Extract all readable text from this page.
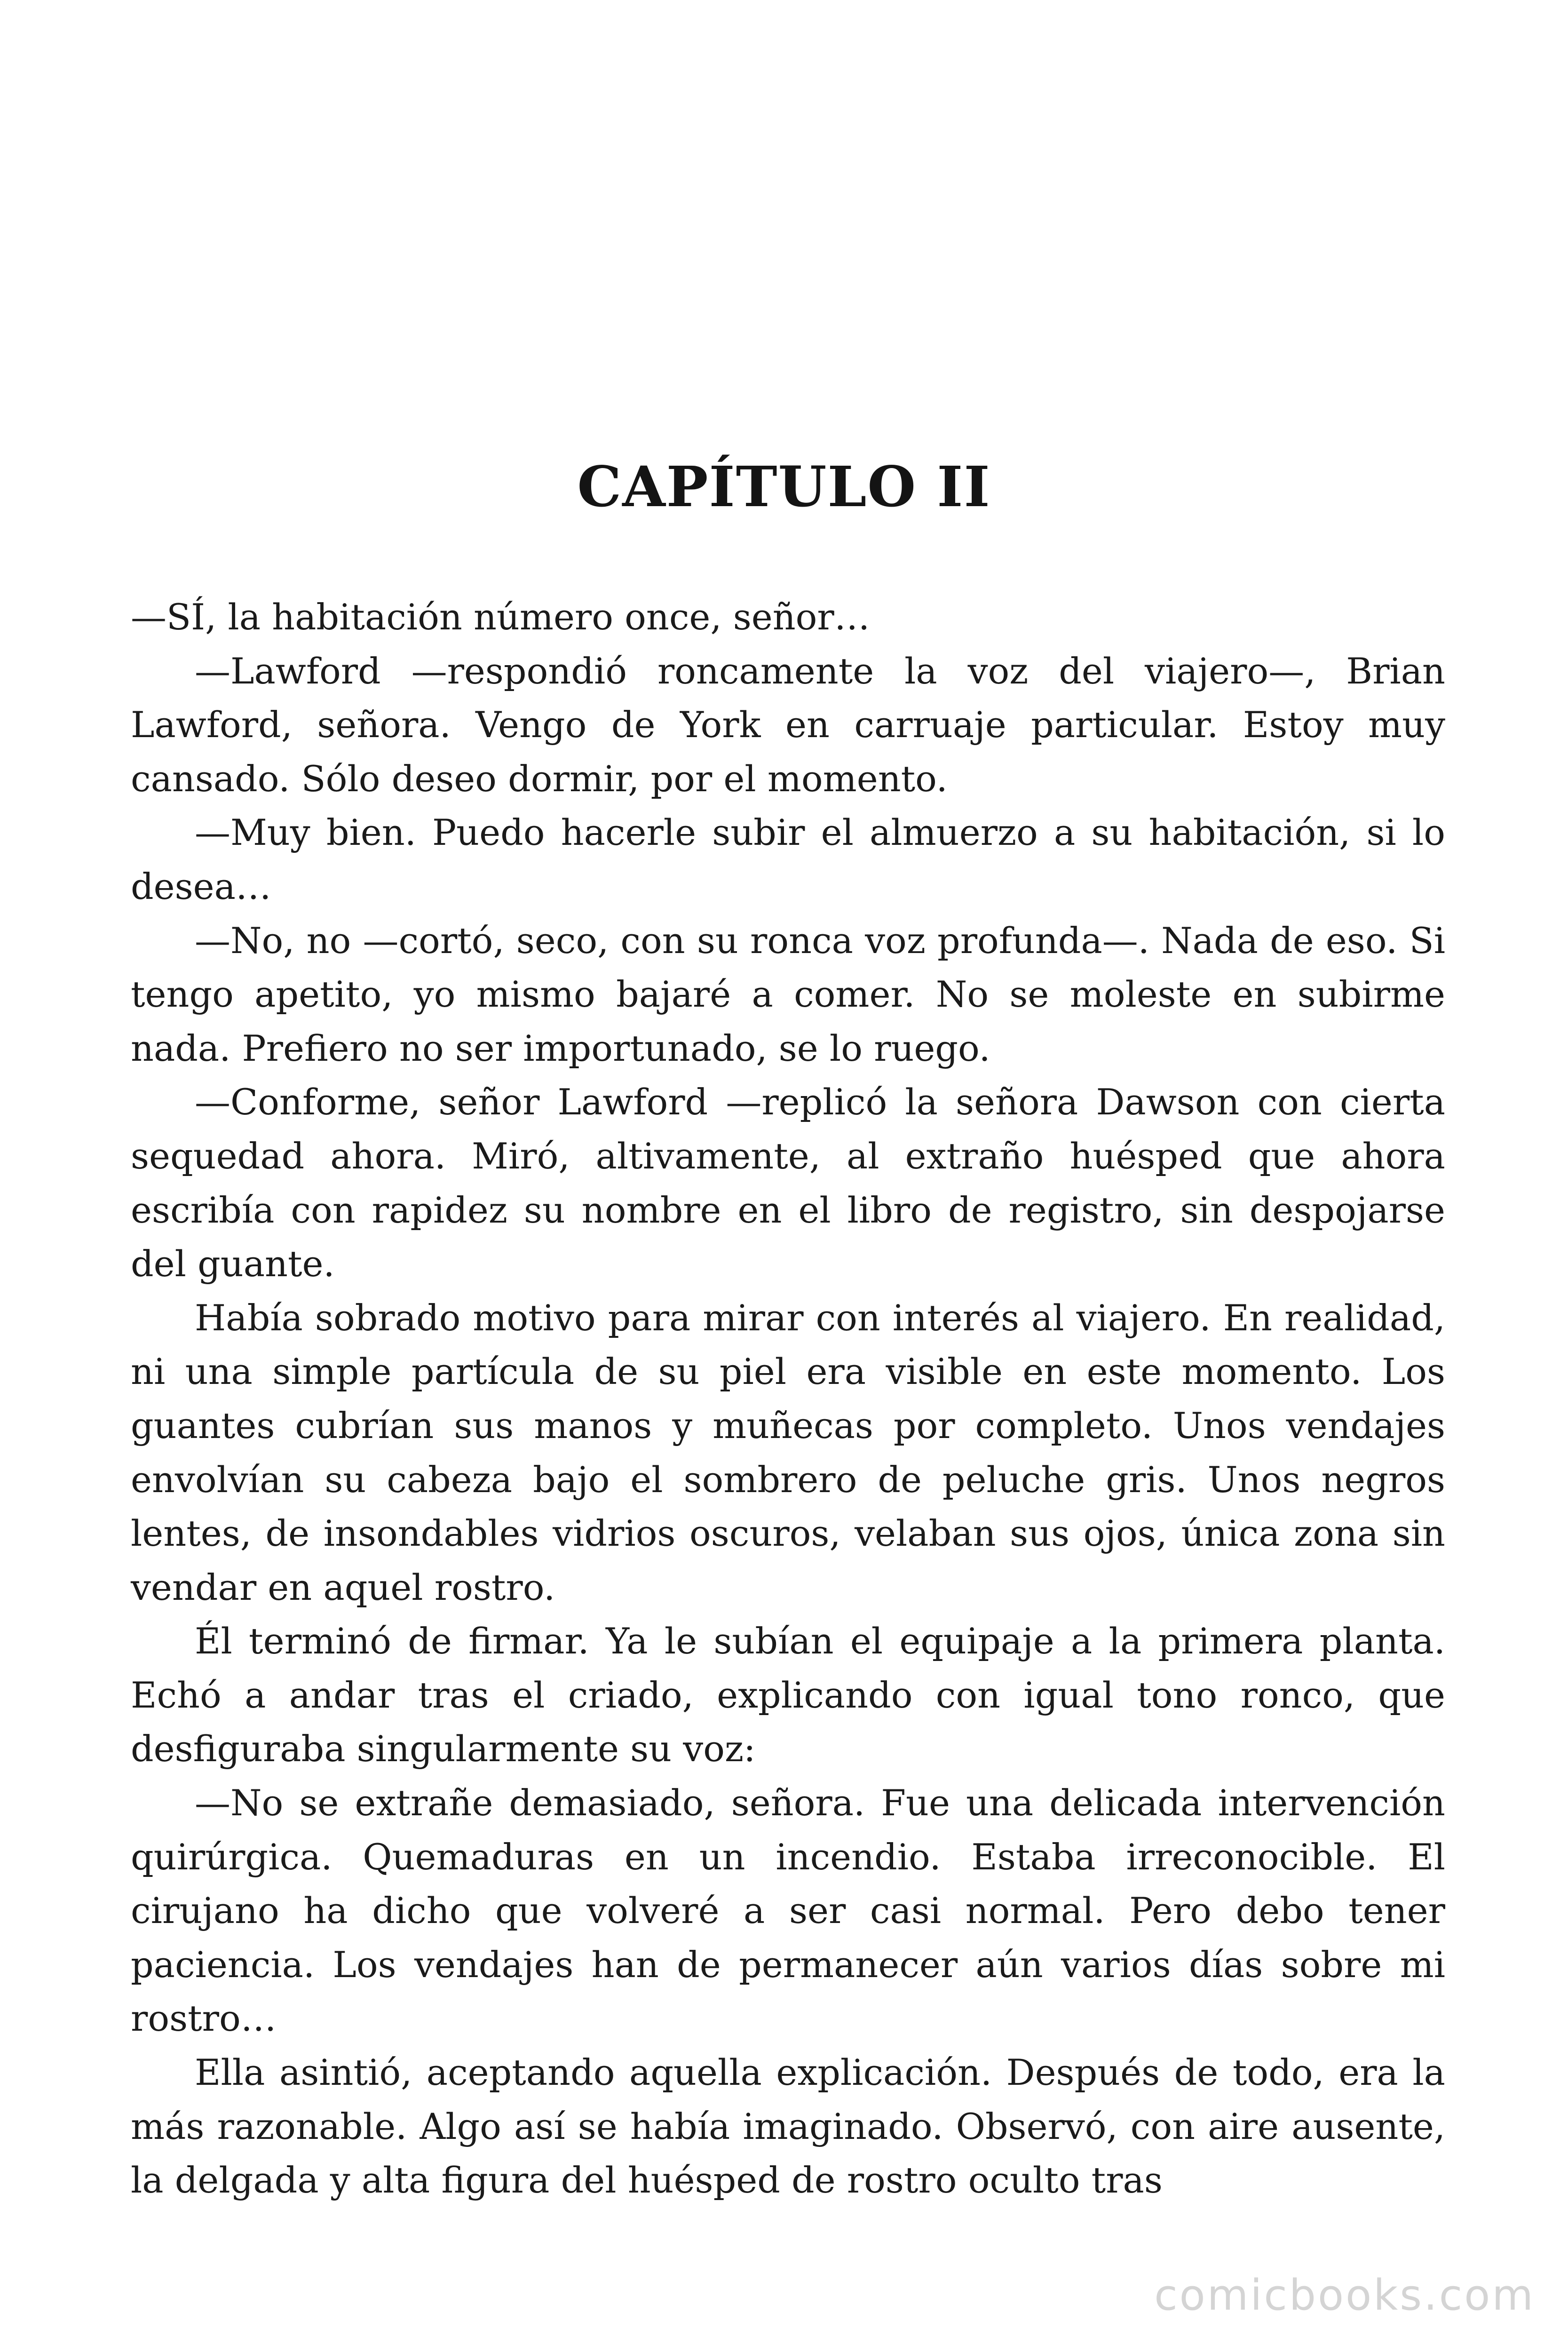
CAPÍTULO II

—SÍ, la habitación número once, señor…

—Lawford —respondió roncamente la voz del viajero—, Brian Lawford, señora. Vengo de York en carruaje particular. Estoy muy cansado. Sólo deseo dormir, por el momento.

—Muy bien. Puedo hacerle subir el almuerzo a su habitación, si lo desea…

—No, no —cortó, seco, con su ronca voz profunda—. Nada de eso. Si tengo apetito, yo mismo bajaré a comer. No se moleste en subirme nada. Prefiero no ser importunado, se lo ruego.

—Conforme, señor Lawford —replicó la señora Dawson con cierta sequedad ahora. Miró, altivamente, al extraño huésped que ahora escribía con rapidez su nombre en el libro de registro, sin despojarse del guante.

Había sobrado motivo para mirar con interés al viajero. En realidad, ni una simple partícula de su piel era visible en este momento. Los guantes cubrían sus manos y muñecas por completo. Unos vendajes envolvían su cabeza bajo el sombrero de peluche gris. Unos negros lentes, de insondables vidrios oscuros, velaban sus ojos, única zona sin vendar en aquel rostro.

Él terminó de firmar. Ya le subían el equipaje a la primera planta. Echó a andar tras el criado, explicando con igual tono ronco, que desfiguraba singularmente su voz:

—No se extrañe demasiado, señora. Fue una delicada intervención quirúrgica. Quemaduras en un incendio. Estaba irreconocible. El cirujano ha dicho que volveré a ser casi normal. Pero debo tener paciencia. Los vendajes han de permanecer aún varios días sobre mi rostro…

Ella asintió, aceptando aquella explicación. Después de todo, era la más razonable. Algo así se había imaginado. Observó, con aire ausente, la delgada y alta figura del huésped de rostro oculto tras

comicbooks.com
